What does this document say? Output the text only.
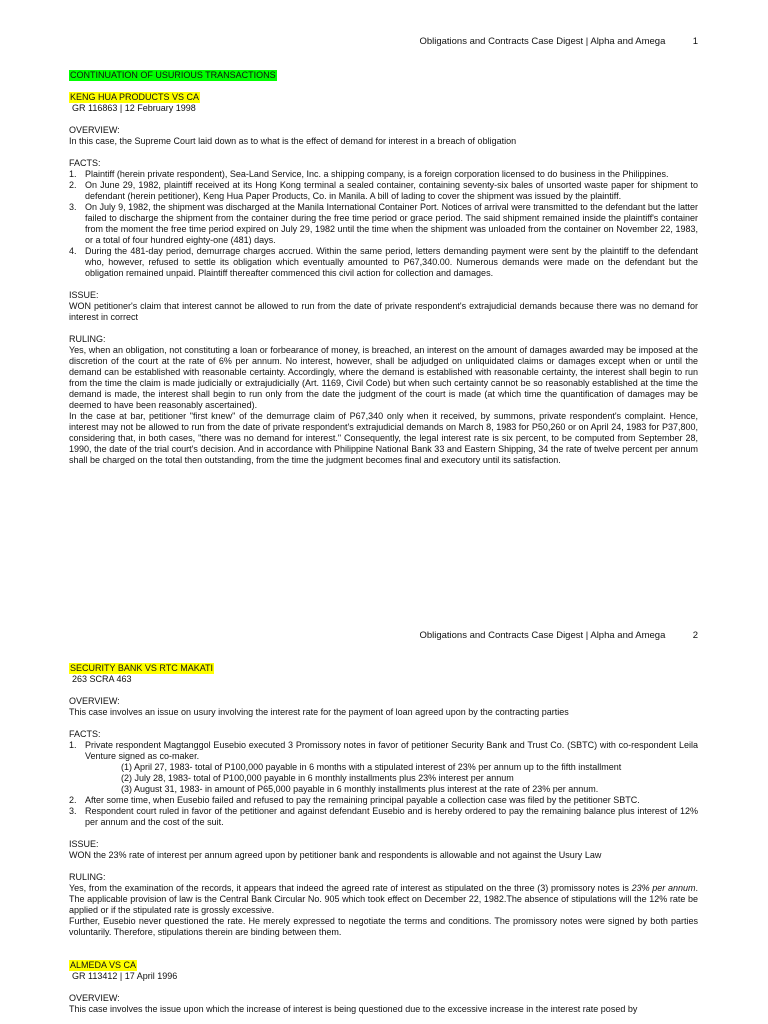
Obligations and Contracts Case Digest | Alpha and Amega	1
CONTINUATION OF USURIOUS TRANSACTIONS
KENG HUA PRODUCTS VS CA
GR 116863 | 12 February 1998
OVERVIEW:

In this case, the Supreme Court laid down as to what is the effect of demand for interest in a breach of obligation

FACTS:
1. Plaintiff (herein private respondent), Sea-Land Service, Inc. a shipping company, is a foreign corporation licensed to do business in the Philippines.
2. On June 29, 1982, plaintiff received at its Hong Kong terminal a sealed container, containing seventy-six bales of unsorted waste paper for shipment to defendant (herein petitioner), Keng Hua Paper Products, Co. in Manila. A bill of lading to cover the shipment was issued by the plaintiff.
3. On July 9, 1982, the shipment was discharged at the Manila International Container Port. Notices of arrival were transmitted to the defendant but the latter failed to discharge the shipment from the container during the free time period or grace period. The said shipment remained inside the plaintiff's container from the moment the free time period expired on July 29, 1982 until the time when the shipment was unloaded from the container on November 22, 1983, or a total of four hundred eighty-one (481) days.
4. During the 481-day period, demurrage charges accrued. Within the same period, letters demanding payment were sent by the plaintiff to the defendant who, however, refused to settle its obligation which eventually amounted to P67,340.00. Numerous demands were made on the defendant but the obligation remained unpaid. Plaintiff thereafter commenced this civil action for collection and damages.
ISSUE:

WON petitioner's claim that interest cannot be allowed to run from the date of private respondent's extrajudicial demands because there was no demand for interest in correct

RULING:

Yes, when an obligation, not constituting a loan or forbearance of money, is breached, an interest on the amount of damages awarded may be imposed at the discretion of the court at the rate of 6% per annum. No interest, however, shall be adjudged on unliquidated claims or damages except when or until the demand can be established with reasonable certainty. Accordingly, where the demand is established with reasonable certainty, the interest shall begin to run from the time the claim is made judicially or extrajudicially (Art. 1169, Civil Code) but when such certainty cannot be so reasonably established at the time the demand is made, the interest shall begin to run only from the date the judgment of the court is made (at which time the quantification of damages may be deemed to have been reasonably ascertained).

In the case at bar, petitioner "first knew" of the demurrage claim of P67,340 only when it received, by summons, private respondent's complaint. Hence, interest may not be allowed to run from the date of private respondent's extrajudicial demands on March 8, 1983 for P50,260 or on April 24, 1983 for P37,800, considering that, in both cases, "there was no demand for interest." Consequently, the legal interest rate is six percent, to be computed from September 28, 1990, the date of the trial court's decision. And in accordance with Philippine National Bank 33 and Eastern Shipping, 34 the rate of twelve percent per annum shall be charged on the total then outstanding, from the time the judgment becomes final and executory until its satisfaction.

Obligations and Contracts Case Digest | Alpha and Amega	2
SECURITY BANK VS RTC MAKATI
263 SCRA 463
OVERVIEW:

This case involves an issue on usury involving the interest rate for the payment of loan agreed upon by the contracting parties

FACTS:
1. Private respondent Magtanggol Eusebio executed 3 Promissory notes in favor of petitioner Security Bank and Trust Co. (SBTC) with co-respondent Leila Venture signed as co-maker.
(1) April 27, 1983- total of P100,000 payable in 6 months with a stipulated interest of 23% per annum up to the fifth installment
(2) July 28, 1983- total of P100,000 payable in 6 monthly installments plus 23% interest per annum
(3) August 31, 1983- in amount of P65,000 payable in 6 monthly installments plus interest at the rate of 23% per annum.
2. After some time, when Eusebio failed and refused to pay the remaining principal payable a collection case was filed by the petitioner SBTC.
3. Respondent court ruled in favor of the petitioner and against defendant Eusebio and is hereby ordered to pay the remaining balance plus interest of 12% per annum and the cost of the suit.
ISSUE:

WON the 23% rate of interest per annum agreed upon by petitioner bank and respondents is allowable and not against the Usury Law

RULING:

Yes, from the examination of the records, it appears that indeed the agreed rate of interest as stipulated on the three (3) promissory notes is 23% per annum. The applicable provision of law is the Central Bank Circular No. 905 which took effect on December 22, 1982.The absence of stipulations will the 12% rate be applied or if the stipulated rate is grossly excessive.

Further, Eusebio never questioned the rate. He merely expressed to negotiate the terms and conditions. The promissory notes were signed by both parties voluntarily. Therefore, stipulations therein are binding between them.

ALMEDA VS CA
GR 113412 | 17 April 1996
OVERVIEW:

This case involves the issue upon which the increase of interest is being questioned due to the excessive increase in the interest rate posed by
